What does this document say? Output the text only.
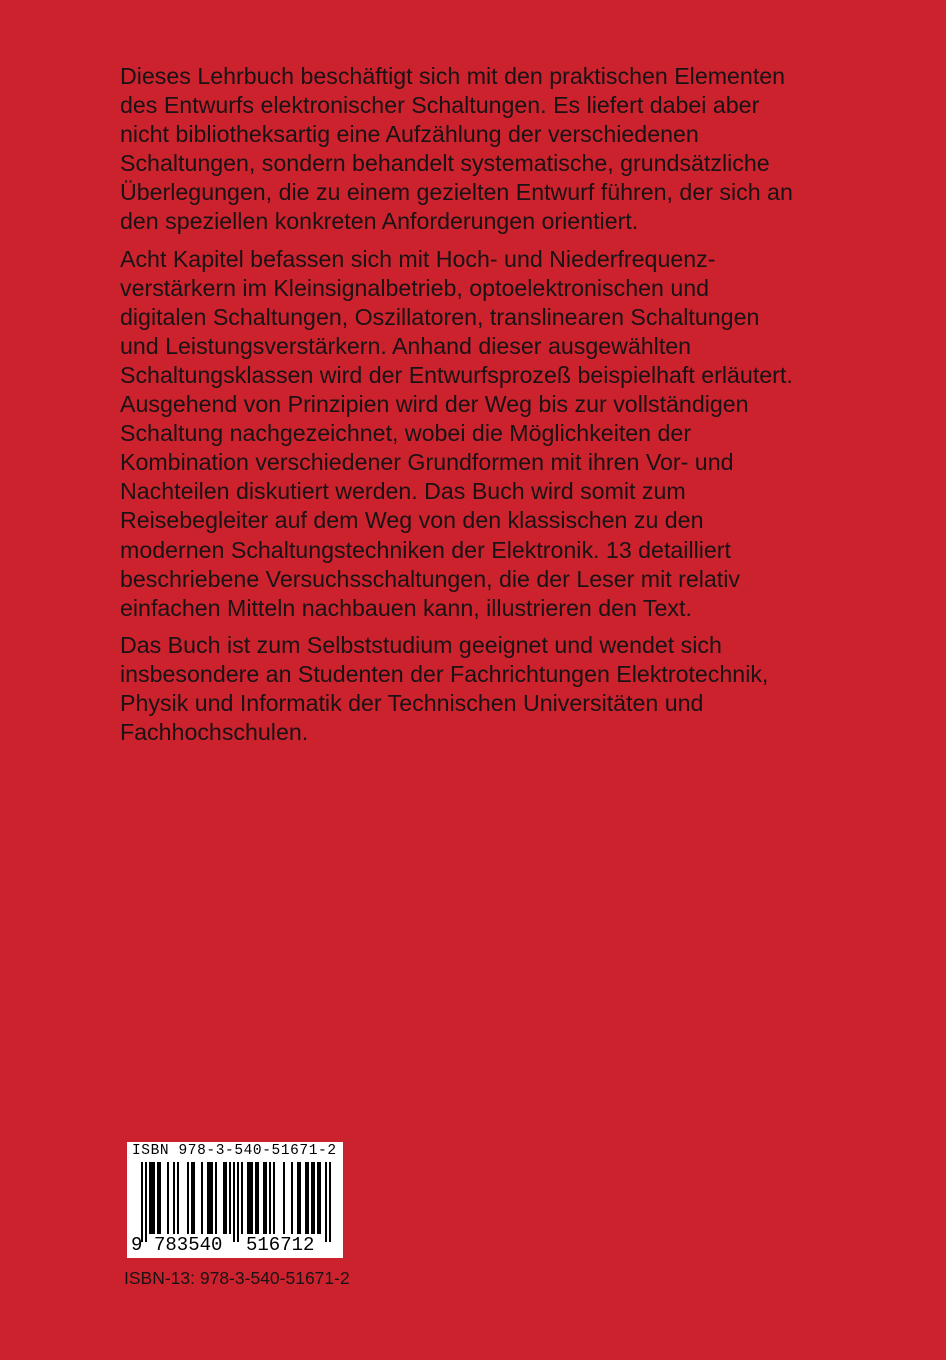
Dieses Lehrbuch beschäftigt sich mit den praktischen Elementen
des Entwurfs elektronischer Schaltungen. Es liefert dabei aber
nicht bibliotheksartig eine Aufzählung der verschiedenen
Schaltungen, sondern behandelt systematische, grundsätzliche
Überlegungen, die zu einem gezielten Entwurf führen, der sich an
den speziellen konkreten Anforderungen orientiert.
Acht Kapitel befassen sich mit Hoch- und Niederfrequenz-
verstärkern im Kleinsignalbetrieb, optoelektronischen und
digitalen Schaltungen, Oszillatoren, translinearen Schaltungen
und Leistungsverstärkern. Anhand dieser ausgewählten
Schaltungsklassen wird der Entwurfsprozeß beispielhaft erläutert.
Ausgehend von Prinzipien wird der Weg bis zur vollständigen
Schaltung nachgezeichnet, wobei die Möglichkeiten der
Kombination verschiedener Grundformen mit ihren Vor- und
Nachteilen diskutiert werden. Das Buch wird somit zum
Reisebegleiter auf dem Weg von den klassischen zu den
modernen Schaltungstechniken der Elektronik. 13 detailliert
beschriebene Versuchsschaltungen, die der Leser mit relativ
einfachen Mitteln nachbauen kann, illustrieren den Text.
Das Buch ist zum Selbststudium geeignet und wendet sich
insbesondere an Studenten der Fachrichtungen Elektrotechnik,
Physik und Informatik der Technischen Universitäten und
Fachhochschulen.
ISBN 978-3-540-51671-2
9 783540 516712
ISBN-13: 978-3-540-51671-2
